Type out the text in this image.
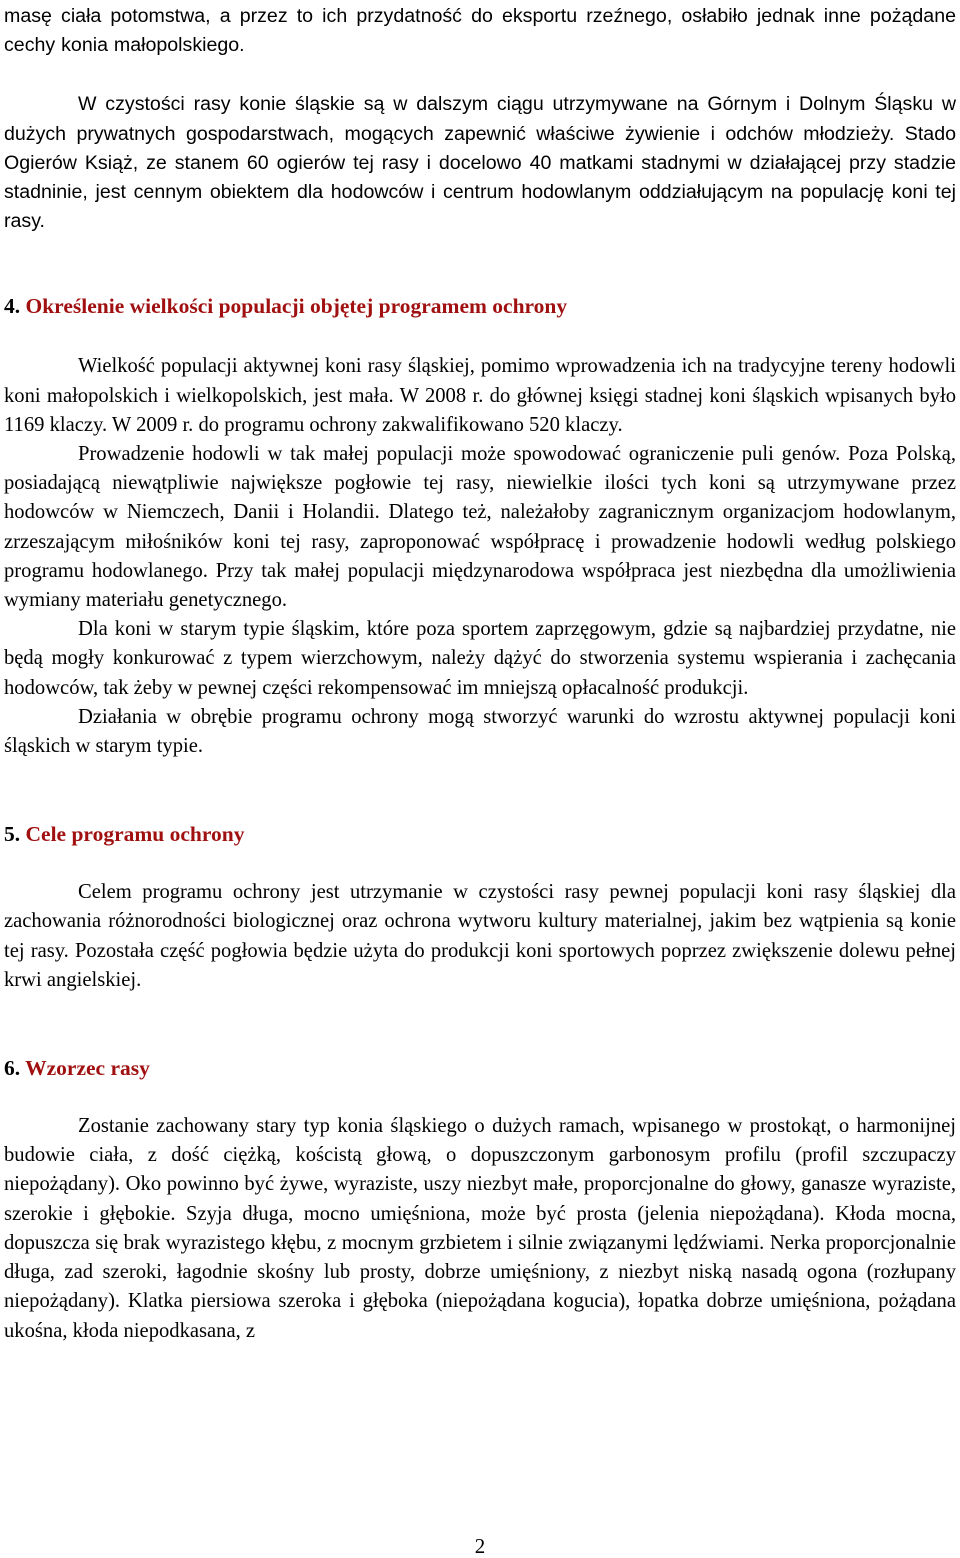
masę ciała potomstwa, a przez to ich przydatność do eksportu rzeźnego, osłabiło jednak inne pożądane cechy konia małopolskiego.

W czystości rasy konie śląskie są w dalszym ciągu utrzymywane na Górnym i Dolnym Śląsku w dużych prywatnych gospodarstwach, mogących zapewnić właściwe żywienie i odchów młodzieży. Stado Ogierów Książ, ze stanem 60 ogierów tej rasy i docelowo 40 matkami stadnymi w działającej przy stadzie stadninie, jest cennym obiektem dla hodowców i centrum hodowlanym oddziałującym na populację koni tej rasy.

4. Określenie wielkości populacji objętej programem ochrony

Wielkość populacji aktywnej koni rasy śląskiej, pomimo wprowadzenia ich na tradycyjne tereny hodowli koni małopolskich i wielkopolskich, jest mała. W 2008 r. do głównej księgi stadnej koni śląskich wpisanych było 1169 klaczy. W 2009 r. do programu ochrony zakwalifikowano 520 klaczy.

Prowadzenie hodowli w tak małej populacji może spowodować ograniczenie puli genów. Poza Polską, posiadającą niewątpliwie największe pogłowie tej rasy, niewielkie ilości tych koni są utrzymywane przez hodowców w Niemczech, Danii i Holandii. Dlatego też, należałoby zagranicznym organizacjom hodowlanym, zrzeszającym miłośników koni tej rasy, zaproponować współpracę i prowadzenie hodowli według polskiego programu hodowlanego. Przy tak małej populacji międzynarodowa współpraca jest niezbędna dla umożliwienia wymiany materiału genetycznego.

Dla koni w starym typie śląskim, które poza sportem zaprzęgowym, gdzie są najbardziej przydatne, nie będą mogły konkurować z typem wierzchowym, należy dążyć do stworzenia systemu wspierania i zachęcania hodowców, tak żeby w pewnej części rekompensować im mniejszą opłacalność produkcji.

Działania w obrębie programu ochrony mogą stworzyć warunki do wzrostu aktywnej populacji koni śląskich w starym typie.

5. Cele programu ochrony

Celem programu ochrony jest utrzymanie w czystości rasy pewnej populacji koni rasy śląskiej dla zachowania różnorodności biologicznej oraz ochrona wytworu kultury materialnej, jakim bez wątpienia są konie tej rasy. Pozostała część pogłowia będzie użyta do produkcji koni sportowych poprzez zwiększenie dolewu pełnej krwi angielskiej.

6. Wzorzec rasy

Zostanie zachowany stary typ konia śląskiego o dużych ramach, wpisanego w prostokąt, o harmonijnej budowie ciała, z dość ciężką, kościstą głową, o dopuszczonym garbonosym profilu (profil szczupaczy niepożądany). Oko powinno być żywe, wyraziste, uszy niezbyt małe, proporcjonalne do głowy, ganasze wyraziste, szerokie i głębokie. Szyja długa, mocno umięśniona, może być prosta (jelenia niepożądana). Kłoda mocna, dopuszcza się brak wyrazistego kłębu, z mocnym grzbietem i silnie związanymi lędźwiami. Nerka proporcjonalnie długa, zad szeroki, łagodnie skośny lub prosty, dobrze umięśniony, z niezbyt niską nasadą ogona (rozłupany niepożądany). Klatka piersiowa szeroka i głęboka (niepożądana kogucia), łopatka dobrze umięśniona, pożądana ukośna, kłoda niepodkasana, z

2
